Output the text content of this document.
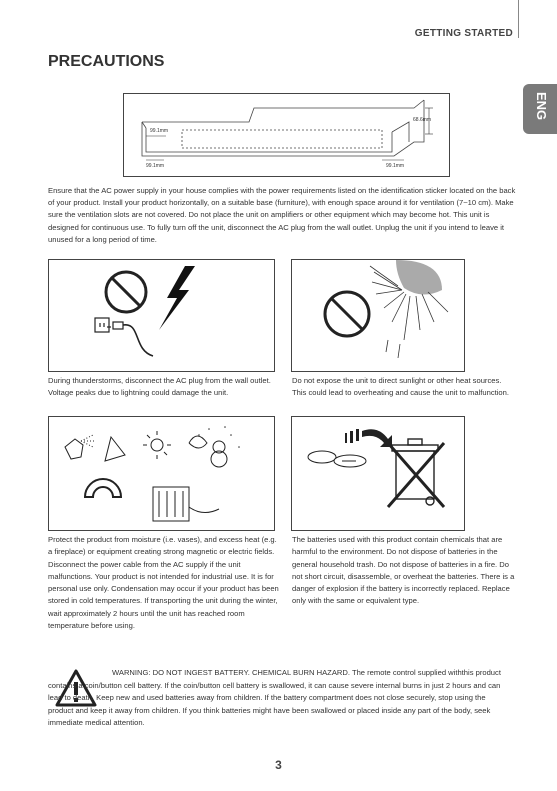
GETTING STARTED
ENG
PRECAUTIONS
99.1mm
68.6mm
99.1mm	99.1mm
Ensure that the AC power supply in your house complies with the power requirements listed on the identification sticker located on the back of your product. Install your product horizontally, on a suitable base (furniture), with enough space around it for ventilation (7~10 cm). Make sure the ventilation slots are not covered. Do not place the unit on amplifiers or other equipment which may become hot. This unit is designed for continuous use. To fully turn off the unit, disconnect the AC plug from the wall outlet. Unplug the unit if you intend to leave it unused for a long period of time.
During thunderstorms, disconnect the AC plug from the wall outlet. Voltage peaks due to lightning could damage the unit.
Do not expose the unit to direct sunlight or other heat sources. This could lead to overheating and cause the unit to malfunction.
Protect the product from moisture (i.e. vases), and excess heat (e.g. a fireplace) or equipment creating strong magnetic or electric fields. Disconnect the power cable from the AC supply if the unit malfunctions. Your product is not intended for industrial use. It is for personal use only. Condensation may occur if your product has been stored in cold temperatures. If transporting the unit during the winter, wait approximately 2 hours until the unit has reached room temperature before using.
The batteries used with this product contain chemicals that are harmful to the environment. Do not dispose of batteries in the general household trash. Do not dispose of batteries in a fire. Do not short circuit, disassemble, or overheat the batteries. There is a danger of explosion if the battery is incorrectly replaced. Replace only with the same or equivalent type.
WARNING: DO NOT INGEST BATTERY. CHEMICAL BURN HAZARD. The remote control supplied withthis product contains a coin/button cell battery. If the coin/button cell battery is swallowed, it can cause severe internal burns in just 2 hours and can lead to death. Keep new and used batteries away from children. If the battery compartment does not close securely, stop using the product and keep it away from children. If you think batteries might have been swallowed or placed inside any part of the body, seek immediate medical attention.
3
